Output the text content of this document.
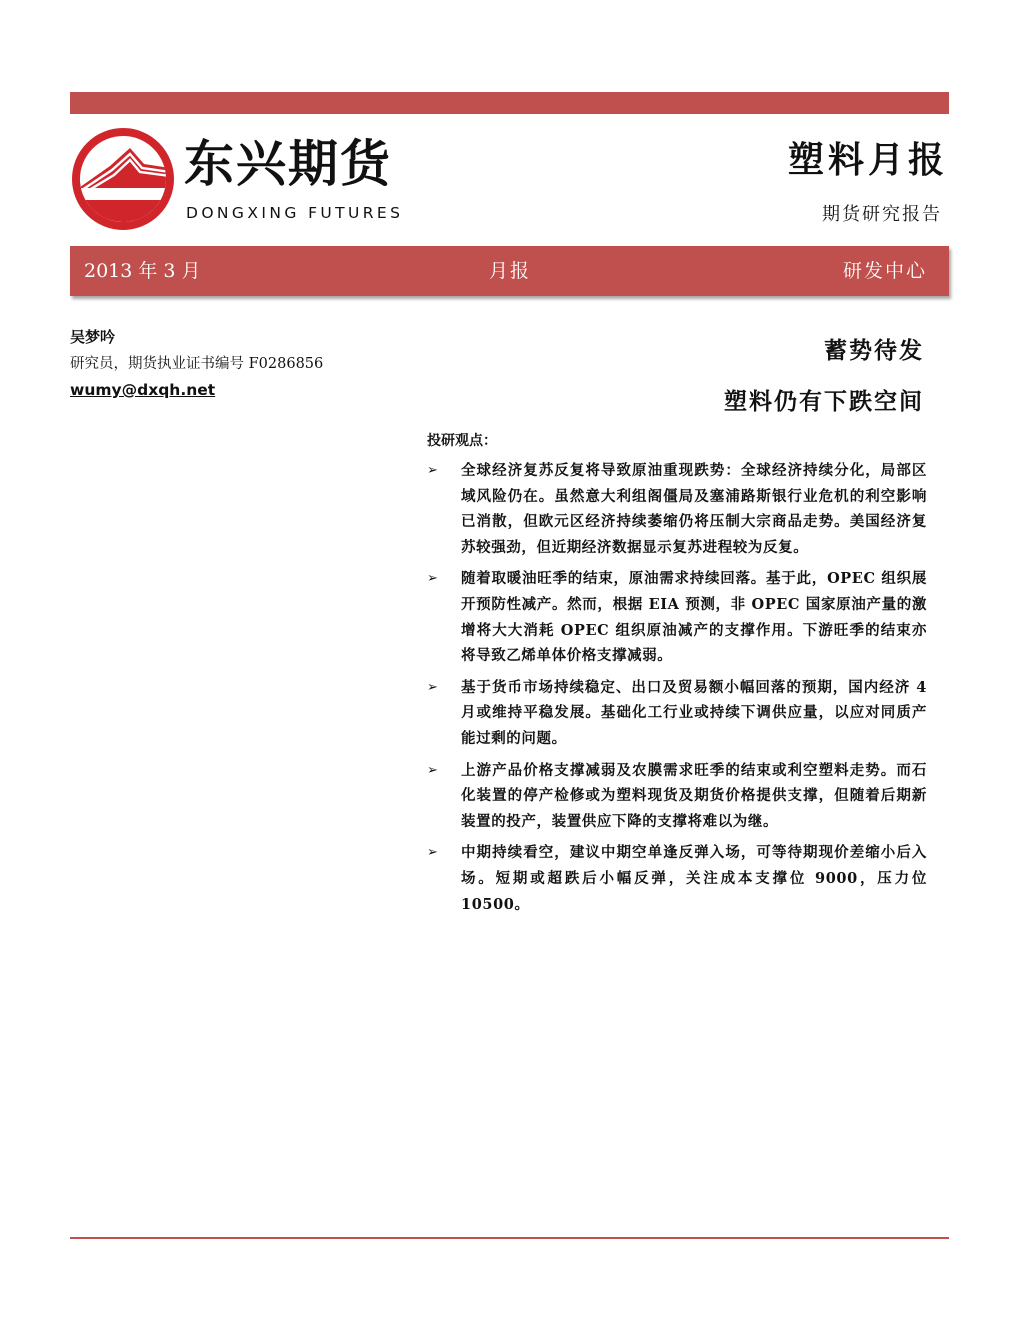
东兴期货

DONGXING FUTURES

塑料月报

期货研究报告

2013 年 3 月	月报	研发中心
吴梦吟
研究员，期货执业证书编号 F0286856
wumy@dxqh.net
蓄势待发
塑料仍有下跌空间
投研观点：
➢ 全球经济复苏反复将导致原油重现跌势：全球经济持续分化，局部区域风险仍在。虽然意大利组阁僵局及塞浦路斯银行业危机的利空影响已消散，但欧元区经济持续萎缩仍将压制大宗商品走势。美国经济复苏较强劲，但近期经济数据显示复苏进程较为反复。
➢ 随着取暖油旺季的结束，原油需求持续回落。基于此，OPEC 组织展开预防性减产。然而，根据 EIA 预测，非 OPEC 国家原油产量的激增将大大消耗 OPEC 组织原油减产的支撑作用。下游旺季的结束亦将导致乙烯单体价格支撑减弱。
➢ 基于货币市场持续稳定、出口及贸易额小幅回落的预期，国内经济 4 月或维持平稳发展。基础化工行业或持续下调供应量，以应对同质产能过剩的问题。
➢ 上游产品价格支撑减弱及农膜需求旺季的结束或利空塑料走势。而石化装置的停产检修或为塑料现货及期货价格提供支撑，但随着后期新装置的投产，装置供应下降的支撑将难以为继。
➢ 中期持续看空，建议中期空单逢反弹入场，可等待期现价差缩小后入场。短期或超跌后小幅反弹，关注成本支撑位 9000，压力位 10500。
